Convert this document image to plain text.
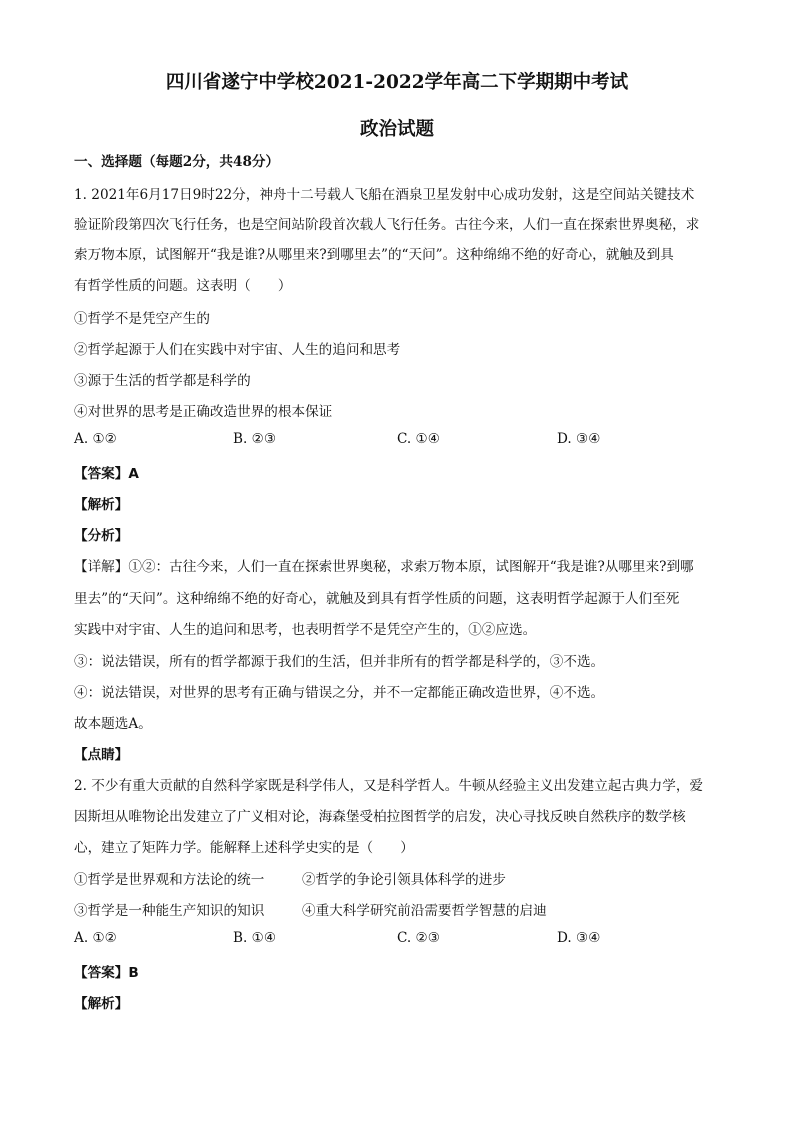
四川省遂宁中学校2021-2022学年高二下学期期中考试
政治试题
一、选择题（每题2分，共48分）
1. 2021年6月17日9时22分，神舟十二号载人飞船在酒泉卫星发射中心成功发射，这是空间站关键技术
验证阶段第四次飞行任务，也是空间站阶段首次载人飞行任务。古往今来，人们一直在探索世界奥秘，求
索万物本原，试图解开“我是谁?从哪里来?到哪里去”的“天问”。这种绵绵不绝的好奇心，就触及到具
有哲学性质的问题。这表明（　　）
①哲学不是凭空产生的
②哲学起源于人们在实践中对宇宙、人生的追问和思考
③源于生活的哲学都是科学的
④对世界的思考是正确改造世界的根本保证
A. ①②	B. ②③	C. ①④	D. ③④
【答案】A
【解析】
【分析】
【详解】①②：古往今来，人们一直在探索世界奥秘，求索万物本原，试图解开“我是谁?从哪里来?到哪
里去”的“天问”。这种绵绵不绝的好奇心，就触及到具有哲学性质的问题，这表明哲学起源于人们至死
实践中对宇宙、人生的追问和思考，也表明哲学不是凭空产生的，①②应选。
③：说法错误，所有的哲学都源于我们的生活，但并非所有的哲学都是科学的，③不选。
④：说法错误，对世界的思考有正确与错误之分，并不一定都能正确改造世界，④不选。
故本题选A。
【点睛】
2. 不少有重大贡献的自然科学家既是科学伟人，又是科学哲人。牛顿从经验主义出发建立起古典力学，爱
因斯坦从唯物论出发建立了广义相对论，海森堡受柏拉图哲学的启发，决心寻找反映自然秩序的数学核
心，建立了矩阵力学。能解释上述科学史实的是（　　）
①哲学是世界观和方法论的统一	②哲学的争论引领具体科学的进步
③哲学是一种能生产知识的知识	④重大科学研究前沿需要哲学智慧的启迪
A. ①②	B. ①④	C. ②③	D. ③④
【答案】B
【解析】
